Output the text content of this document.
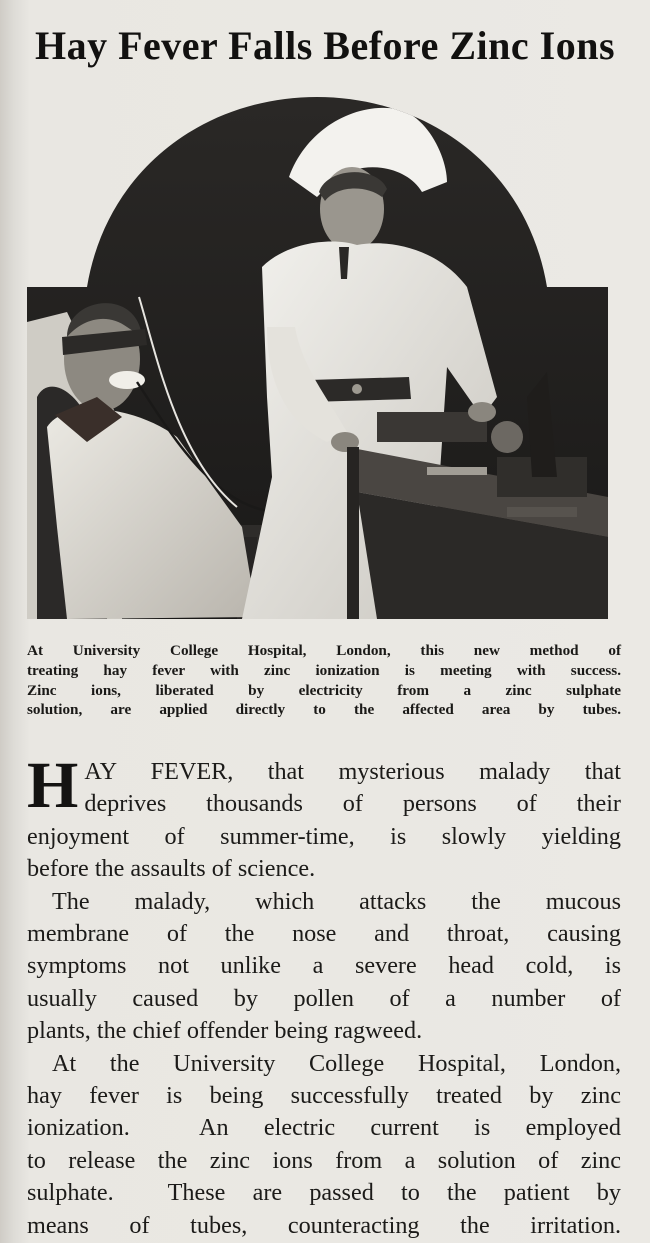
Hay Fever Falls Before Zinc Ions
At University College Hospital, London, this new method of
treating hay fever with zinc ionization is meeting with success.
Zinc ions, liberated by electricity from a zinc sulphate
solution, are applied directly to the affected area by tubes.
H AY FEVER, that mysterious malady that
deprives thousands of persons of their
enjoyment of summer-time, is slowly yielding
before the assaults of science.
The malady, which attacks the mucous
membrane of the nose and throat, causing
symptoms not unlike a severe head cold, is
usually caused by pollen of a number of
plants, the chief offender being ragweed.
At the University College Hospital, London,
hay fever is being successfully treated by zinc
ionization.  An electric current is employed
to release the zinc ions from a solution of zinc
sulphate.  These are passed to the patient by
means of tubes, counteracting the irritation.
